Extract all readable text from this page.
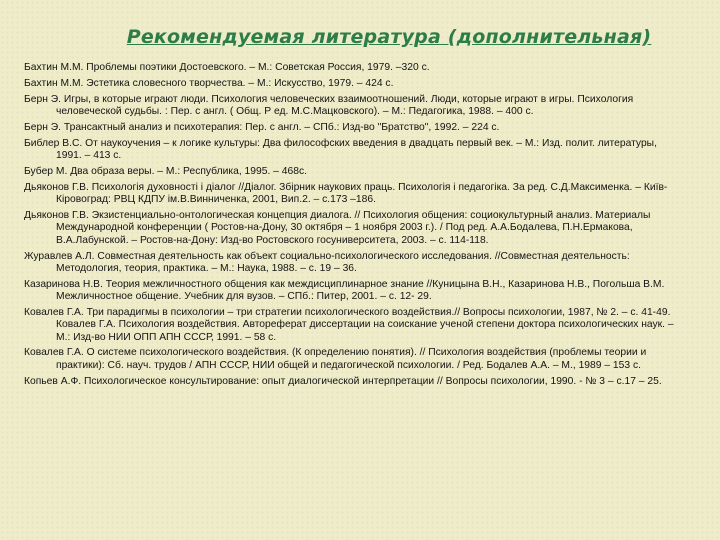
Рекомендуемая литература (дополнительная)
Бахтин М.М. Проблемы поэтики Достоевского. – М.: Советская Россия, 1979. –320 с.
Бахтин М.М. Эстетика словесного творчества. – М.: Искусство, 1979. – 424 с.
Берн Э. Игры, в которые играют люди. Психология человеческих взаимоотношений. Люди, которые играют в игры. Психология человеческой судьбы. : Пер. с англ. ( Общ. Р ед. М.С.Мацковского). – М.: Педагогика, 1988. – 400 с.
Берн Э. Трансактный анализ и психотерапия: Пер. с англ. – СПб.: Изд-во "Братство", 1992. – 224 с.
Библер В.С. От наукоучения – к логике культуры: Два философских введения в двадцать первый век. – М.: Изд. полит. литературы, 1991. – 413 с.
Бубер М. Два образа веры. – М.: Республика, 1995. – 468с.
Дьяконов Г.В. Психологія духовності і діалог //Діалог. Збірник наукових праць. Психологія і педагогіка. За ред. С.Д.Максименка. – Київ-Кіровоград: РВЦ КДПУ ім.В.Винниченка, 2001, Вип.2. – с.173 –186.
Дьяконов Г.В. Экзистенциально-онтологическая концепция диалога. // Психология общения: социокультурный анализ. Материалы Международной конференции ( Ростов-на-Дону, 30 октября – 1 ноября 2003 г.). / Под ред. А.А.Бодалева, П.Н.Ермакова, В.А.Лабунской. – Ростов-на-Дону: Изд-во Ростовского госуниверситета, 2003. – с. 114-118.
Журавлев А.Л. Совместная деятельность как объект социально-психологического исследования. //Совместная деятельность: Методология, теория, практика. – М.: Наука, 1988. – с. 19 – 36.
Казаринова Н.В. Теория межличностного общения как междисциплинарное знание //Куницына В.Н., Казаринова Н.В., Погольша В.М. Межличностное общение. Учебник для вузов. – СПб.: Питер, 2001. – с. 12- 29.
Ковалев Г.А. Три парадигмы в психологии – три стратегии психологического воздействия.// Вопросы психологии, 1987, № 2. – с. 41-49. Ковалев Г.А. Психология воздействия. Автореферат диссертации на соискание ученой степени доктора психологических наук. – М.: Изд-во НИИ ОПП АПН СССР, 1991. – 58 с.
Ковалев Г.А. О системе психологического воздействия. (К определению понятия). // Психология воздействия (проблемы теории и практики): Сб. науч. трудов / АПН СССР, НИИ общей и педагогической психологии. / Ред. Бодалев А.А. – М., 1989 – 153 с.
Копьев А.Ф. Психологическое консультирование: опыт диалогической интерпретации // Вопросы психологии, 1990. - № 3 – с.17 – 25.
